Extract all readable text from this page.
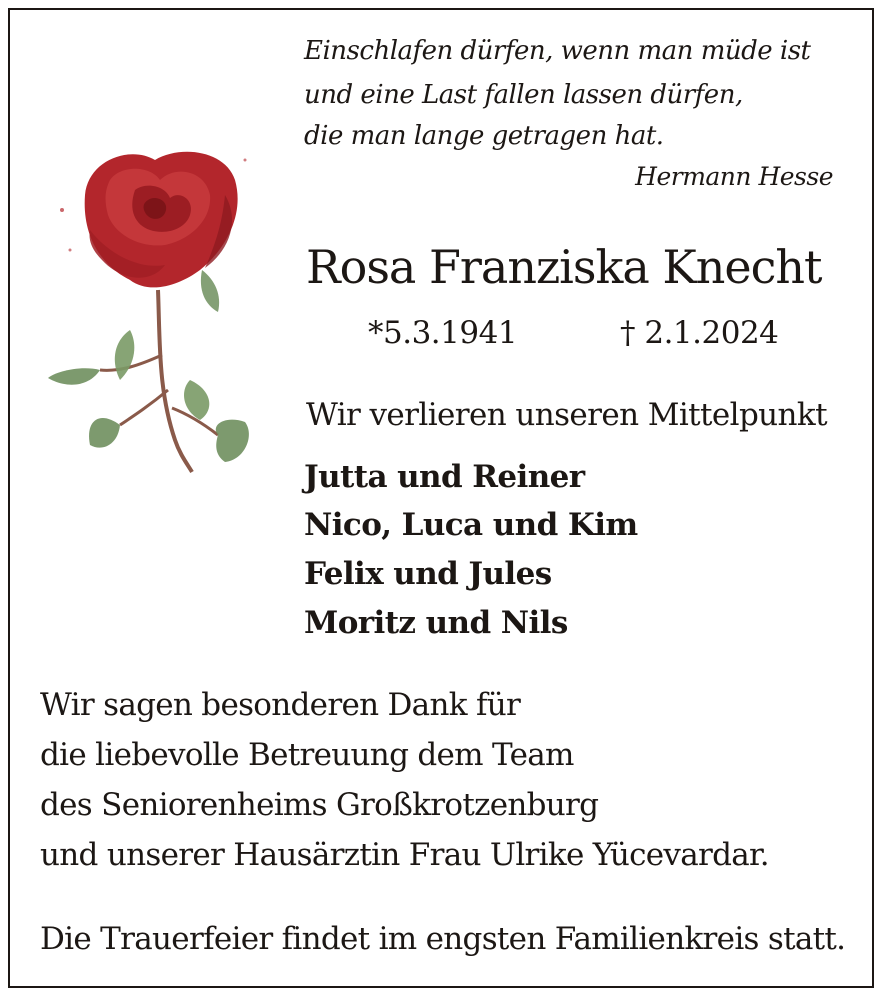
Einschlafen dürfen, wenn man müde ist
und eine Last fallen lassen dürfen,
die man lange getragen hat.
Hermann Hesse
Rosa Franziska Knecht
*5.3.1941	† 2.1.2024
Wir verlieren unseren Mittelpunkt
Jutta und Reiner
Nico, Luca und Kim
Felix und Jules
Moritz und Nils
Wir sagen besonderen Dank für
die liebevolle Betreuung dem Team
des Seniorenheims Großkrotzenburg
und unserer Hausärztin Frau Ulrike Yücevardar.
Die Trauerfeier findet im engsten Familienkreis statt.
